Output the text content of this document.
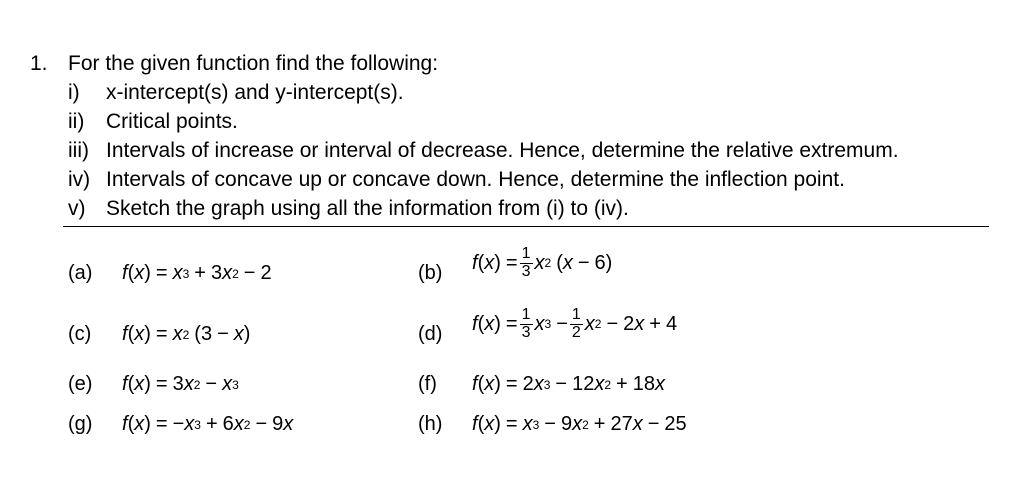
1. For the given function find the following:
i) x-intercept(s) and y-intercept(s).
ii) Critical points.
iii) Intervals of increase or interval of decrease. Hence, determine the relative extremum.
iv) Intervals of concave up or concave down. Hence, determine the inflection point.
v) Sketch the graph using all the information from (i) to (iv).
(a) f ( x ) = x 3 + 3 x 2 − 2	(b) f ( x ) = $\frac{1}{3}$ x 2 ( x − 6)
(c) f ( x ) = x 2 (3 − x )	(d) f ( x ) = $\frac{1}{3}$ x $3 - \frac{1}{2}$ x 2 − 2 x + 4
(e) f ( x ) = 3 x 2 − x 3	(f) f ( x ) = 2 x 3 − 12 x 2 + 18 x
(g) f ( x ) = − x 3 + 6 x 2 − 9 x	(h) f ( x ) = x 3 − 9 x 2 + 27 x − 25
